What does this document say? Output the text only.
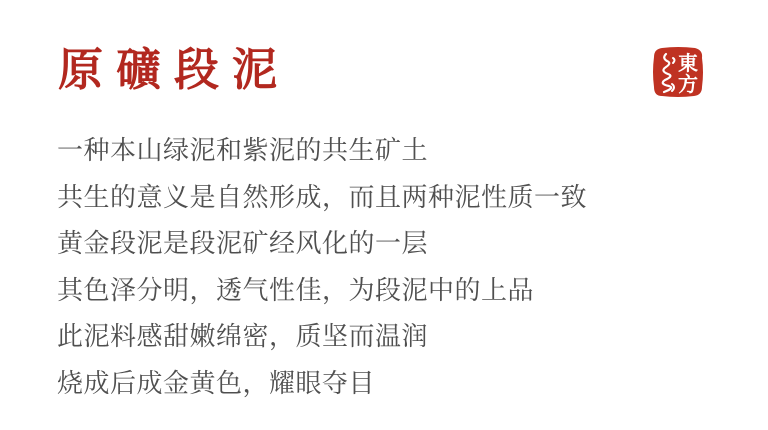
原礦段泥	東
方

一种本山绿泥和紫泥的共生矿土

共生的意义是自然形成，而且两种泥性质一致

黄金段泥是段泥矿经风化的一层

其色泽分明，透气性佳，为段泥中的上品

此泥料感甜嫩绵密，质坚而温润

烧成后成金黄色，耀眼夺目
